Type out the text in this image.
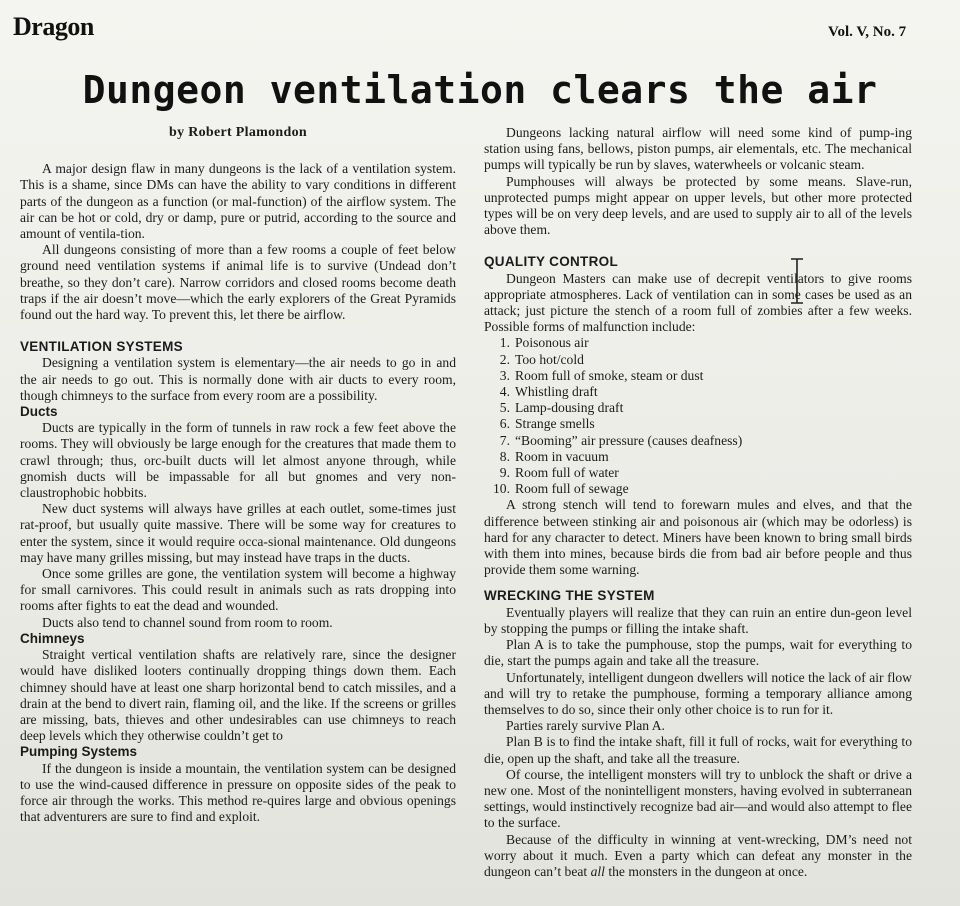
Dragon	Vol. V, No. 7
Dungeon ventilation clears the air
by Robert Plamondon

A major design flaw in many dungeons is the lack of a ventilation system. This is a shame, since DMs can have the ability to vary conditions in different parts of the dungeon as a function (or mal-function) of the airflow system. The air can be hot or cold, dry or damp, pure or putrid, according to the source and amount of ventila-tion.

All dungeons consisting of more than a few rooms a couple of feet below ground need ventilation systems if animal life is to survive (Undead don’t breathe, so they don’t care). Narrow corridors and closed rooms become death traps if the air doesn’t move—which the early explorers of the Great Pyramids found out the hard way. To prevent this, let there be airflow.

VENTILATION SYSTEMS

Designing a ventilation system is elementary—the air needs to go in and the air needs to go out. This is normally done with air ducts to every room, though chimneys to the surface from every room are a possibility.

Ducts

Ducts are typically in the form of tunnels in raw rock a few feet above the rooms. They will obviously be large enough for the creatures that made them to crawl through; thus, orc-built ducts will let almost anyone through, while gnomish ducts will be impassable for all but gnomes and very non-claustrophobic hobbits.

New duct systems will always have grilles at each outlet, some-times just rat-proof, but usually quite massive. There will be some way for creatures to enter the system, since it would require occa-sional maintenance. Old dungeons may have many grilles missing, but may instead have traps in the ducts.

Once some grilles are gone, the ventilation system will become a highway for small carnivores. This could result in animals such as rats dropping into rooms after fights to eat the dead and wounded.

Ducts also tend to channel sound from room to room.

Chimneys

Straight vertical ventilation shafts are relatively rare, since the designer would have disliked looters continually dropping things down them. Each chimney should have at least one sharp horizontal bend to catch missiles, and a drain at the bend to divert rain, flaming oil, and the like. If the screens or grilles are missing, bats, thieves and other undesirables can use chimneys to reach deep levels which they otherwise couldn’t get to

Pumping Systems

If the dungeon is inside a mountain, the ventilation system can be designed to use the wind-caused difference in pressure on opposite sides of the peak to force air through the works. This method re-quires large and obvious openings that adventurers are sure to find and exploit.

Dungeons lacking natural airflow will need some kind of pump-ing station using fans, bellows, piston pumps, air elementals, etc. The mechanical pumps will typically be run by slaves, waterwheels or volcanic steam.

Pumphouses will always be protected by some means. Slave-run, unprotected pumps might appear on upper levels, but other more protected types will be on very deep levels, and are used to supply air to all of the levels above them.

QUALITY CONTROL

Dungeon Masters can make use of decrepit ventilators to give rooms appropriate atmospheres. Lack of ventilation can in some cases be used as an attack; just picture the stench of a room full of zombies after a few weeks. Possible forms of malfunction include:

1. Poisonous air
2. Too hot/cold
3. Room full of smoke, steam or dust
4. Whistling draft
5. Lamp-dousing draft
6. Strange smells
7. “Booming” air pressure (causes deafness)
8. Room in vacuum
9. Room full of water
10. Room full of sewage

A strong stench will tend to forewarn mules and elves, and that the difference between stinking air and poisonous air (which may be odorless) is hard for any character to detect. Miners have been known to bring small birds with them into mines, because birds die from bad air before people and thus provide them some warning.

WRECKING THE SYSTEM

Eventually players will realize that they can ruin an entire dun-geon level by stopping the pumps or filling the intake shaft.

Plan A is to take the pumphouse, stop the pumps, wait for everything to die, start the pumps again and take all the treasure.

Unfortunately, intelligent dungeon dwellers will notice the lack of air flow and will try to retake the pumphouse, forming a temporary alliance among themselves to do so, since their only other choice is to run for it.

Parties rarely survive Plan A.

Plan B is to find the intake shaft, fill it full of rocks, wait for everything to die, open up the shaft, and take all the treasure.

Of course, the intelligent monsters will try to unblock the shaft or drive a new one. Most of the nonintelligent monsters, having evolved in subterranean settings, would instinctively recognize bad air—and would also attempt to flee to the surface.

Because of the difficulty in winning at vent-wrecking, DM’s need not worry about it much. Even a party which can defeat any monster in the dungeon can’t beat all the monsters in the dungeon at once.
